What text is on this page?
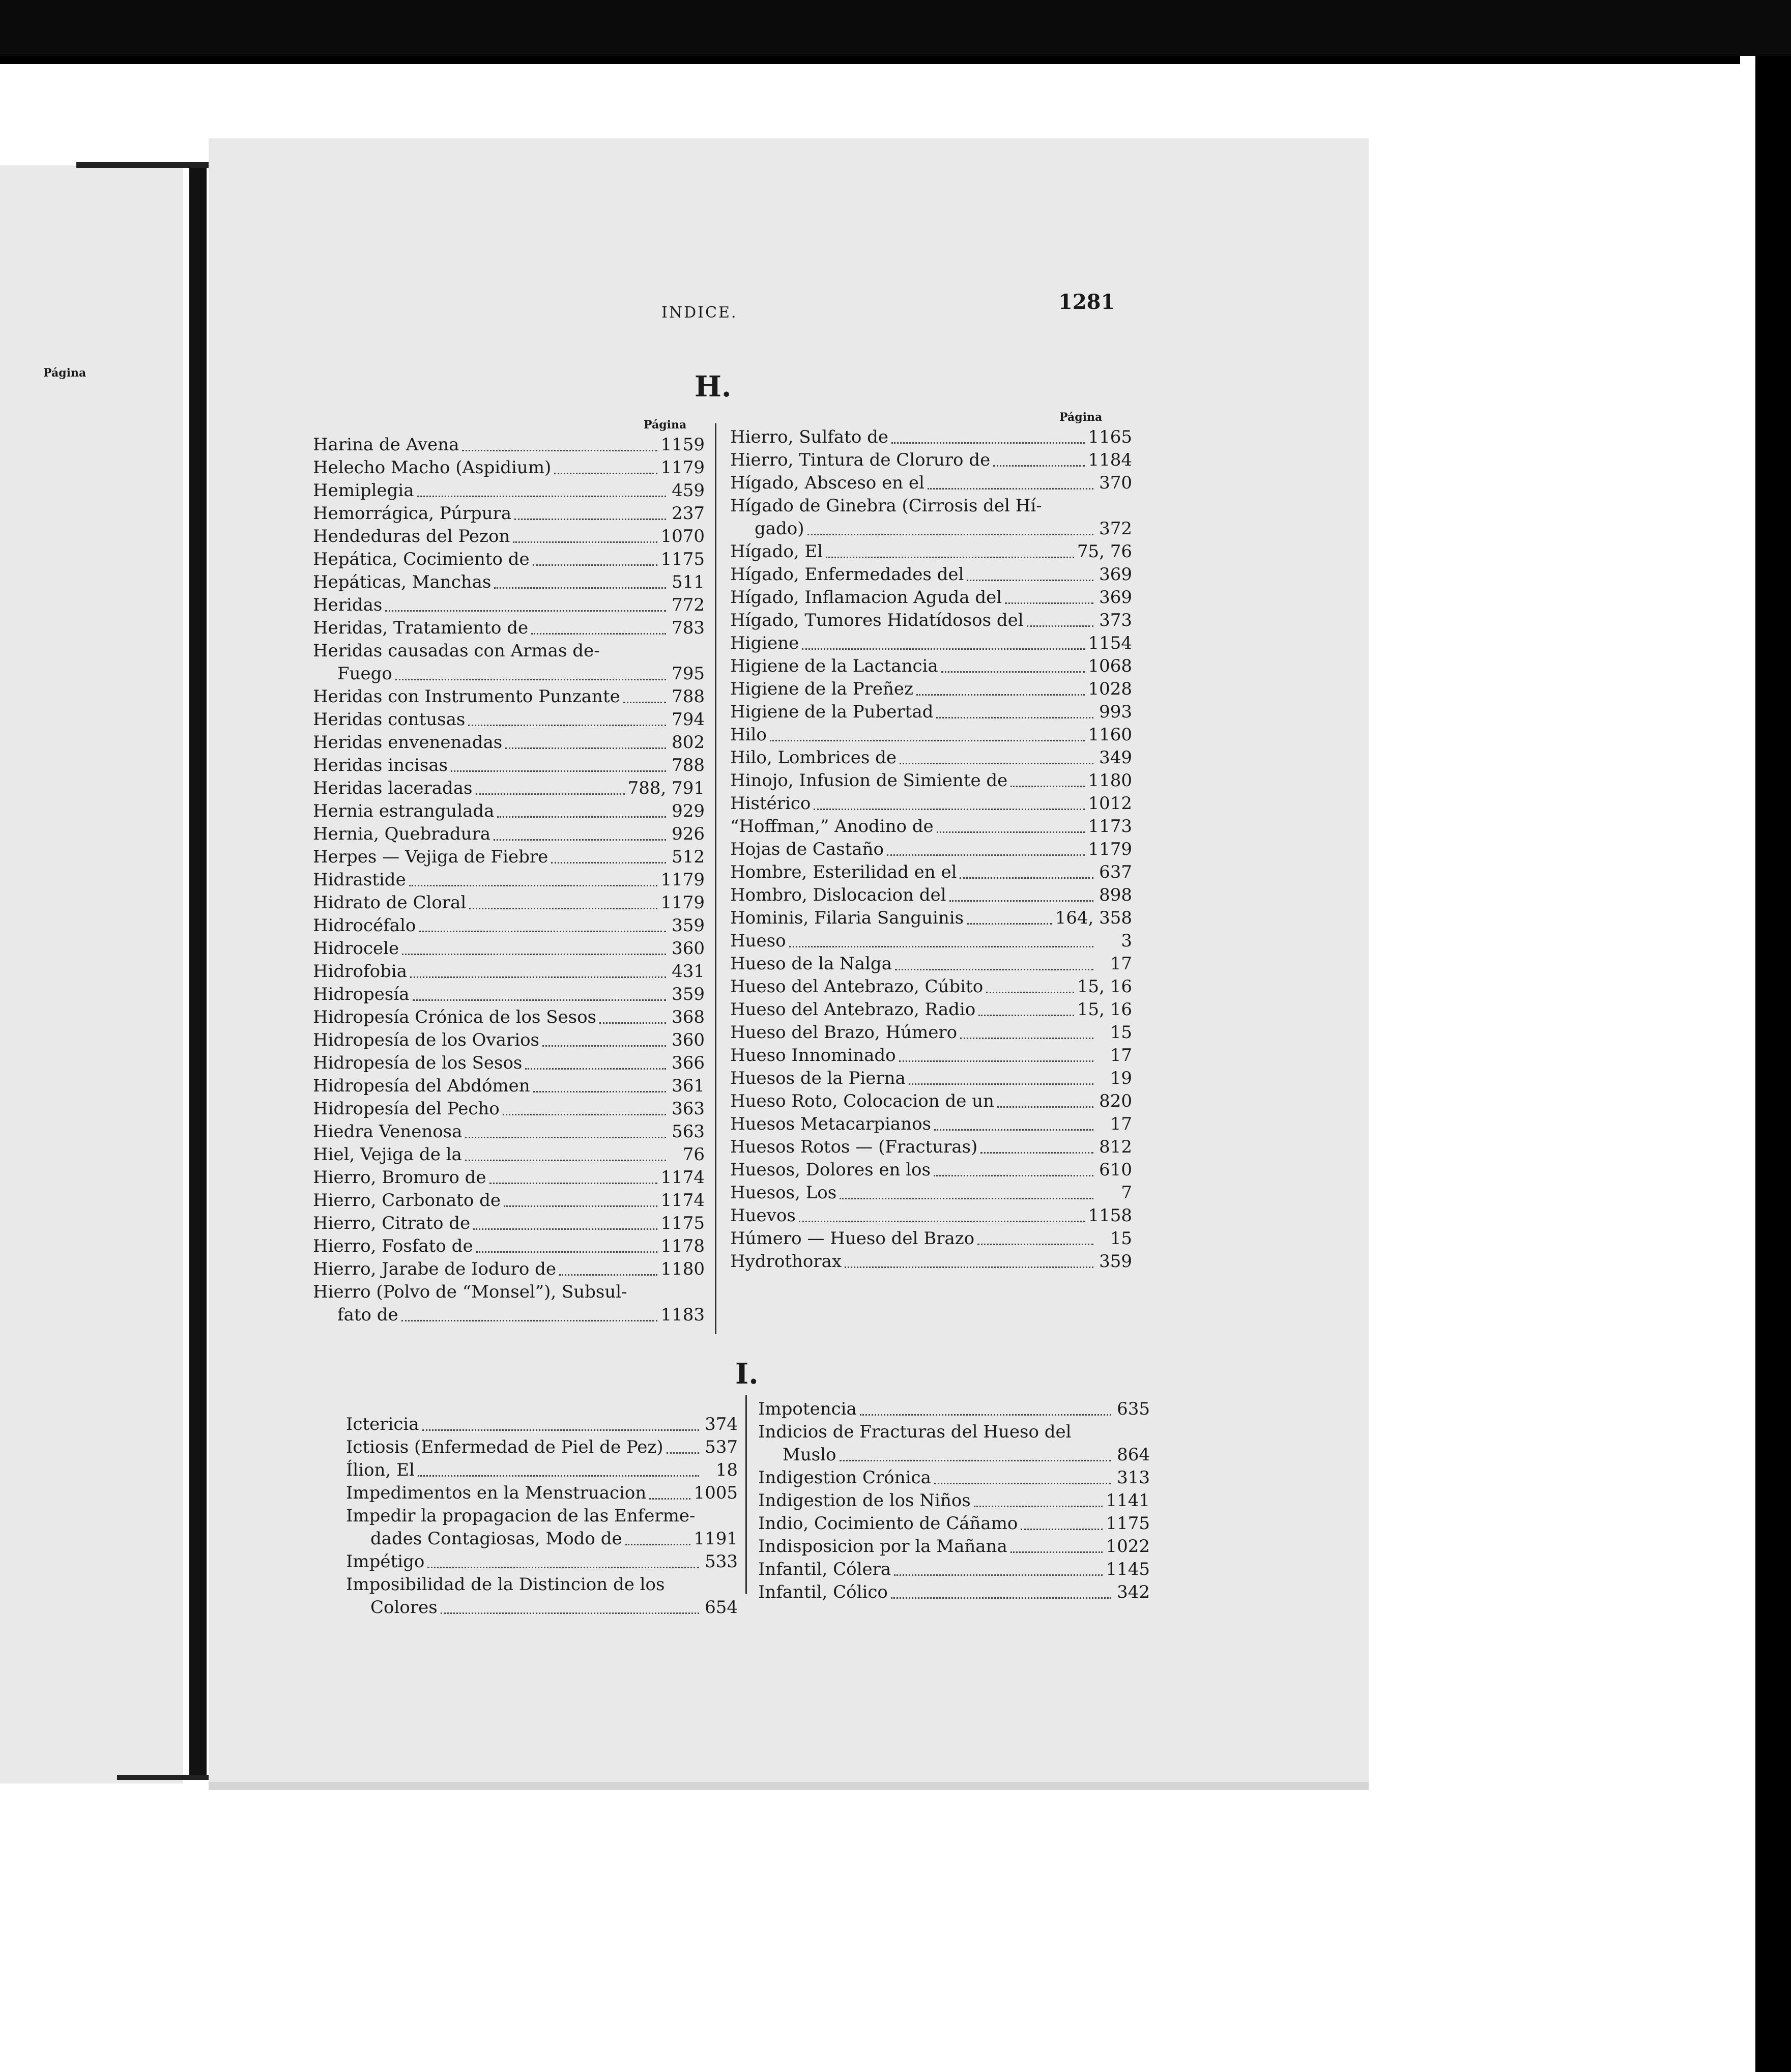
Página
INDICE.	1281
H.
Página
Página
Harina de Avena	1159
Helecho Macho (Aspidium)	1179
Hemiplegia	459
Hemorrágica, Púrpura	237
Hendeduras del Pezon	1070
Hepática, Cocimiento de	1175
Hepáticas, Manchas	511
Heridas	772
Heridas, Tratamiento de	783
Heridas causadas con Armas de-
Fuego	795
Heridas con Instrumento Punzante	788
Heridas contusas	794
Heridas envenenadas	802
Heridas incisas	788
Heridas laceradas	788, 791
Hernia estrangulada	929
Hernia, Quebradura	926
Herpes — Vejiga de Fiebre	512
Hidrastide	1179
Hidrato de Cloral	1179
Hidrocéfalo	359
Hidrocele	360
Hidrofobia	431
Hidropesía	359
Hidropesía Crónica de los Sesos	368
Hidropesía de los Ovarios	360
Hidropesía de los Sesos	366
Hidropesía del Abdómen	361
Hidropesía del Pecho	363
Hiedra Venenosa	563
Hiel, Vejiga de la	76
Hierro, Bromuro de	1174
Hierro, Carbonato de	1174
Hierro, Citrato de	1175
Hierro, Fosfato de	1178
Hierro, Jarabe de Ioduro de	1180
Hierro (Polvo de “Monsel”), Subsul-
fato de	1183
Hierro, Sulfato de	1165
Hierro, Tintura de Cloruro de	1184
Hígado, Absceso en el	370
Hígado de Ginebra (Cirrosis del Hí-
gado)	372
Hígado, El	75, 76
Hígado, Enfermedades del	369
Hígado, Inflamacion Aguda del	369
Hígado, Tumores Hidatídosos del	373
Higiene	1154
Higiene de la Lactancia	1068
Higiene de la Preñez	1028
Higiene de la Pubertad	993
Hilo	1160
Hilo, Lombrices de	349
Hinojo, Infusion de Simiente de	1180
Histérico	1012
“Hoffman,” Anodino de	1173
Hojas de Castaño	1179
Hombre, Esterilidad en el	637
Hombro, Dislocacion del	898
Hominis, Filaria Sanguinis	164, 358
Hueso	3
Hueso de la Nalga	17
Hueso del Antebrazo, Cúbito	15, 16
Hueso del Antebrazo, Radio	15, 16
Hueso del Brazo, Húmero	15
Hueso Innominado	17
Huesos de la Pierna	19
Hueso Roto, Colocacion de un	820
Huesos Metacarpianos	17
Huesos Rotos — (Fracturas)	812
Huesos, Dolores en los	610
Huesos, Los	7
Huevos	1158
Húmero — Hueso del Brazo	15
Hydrothorax	359
I.
Ictericia	374
Ictiosis (Enfermedad de Piel de Pez) 537
Ílion, El	18
Impedimentos en la Menstruacion	1005
Impedir la propagacion de las Enferme-
dades Contagiosas, Modo de	1191
Impétigo	533
Imposibilidad de la Distincion de los
Colores	654
Impotencia	635
Indicios de Fracturas del Hueso del
Muslo	864
Indigestion Crónica	313
Indigestion de los Niños	1141
Indio, Cocimiento de Cáñamo	1175
Indisposicion por la Mañana	1022
Infantil, Cólera	1145
Infantil, Cólico	342
